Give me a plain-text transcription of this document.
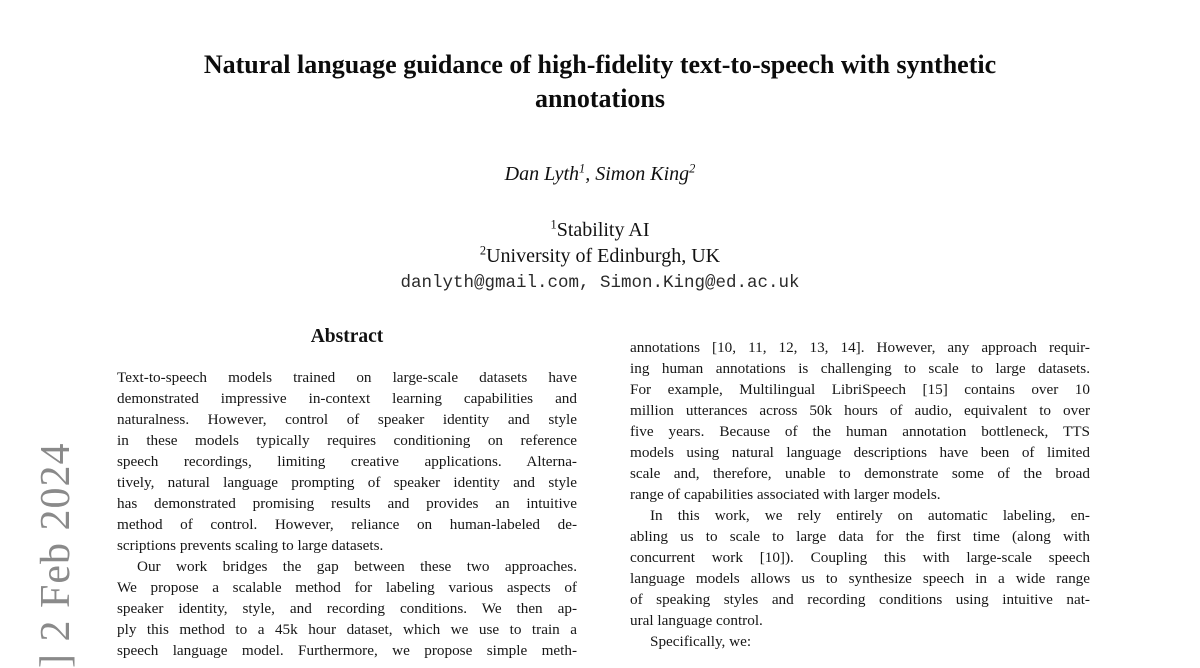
] 2 Feb 2024
Natural language guidance of high-fidelity text-to-speech with synthetic
annotations
Dan Lyth$^1$, Simon King$^2$
$^1$Stability AI
$^2$University of Edinburgh, UK
danlyth@gmail.com, Simon.King@ed.ac.uk
Abstract
Text-to-speech models trained on large-scale datasets have
demonstrated impressive in-context learning capabilities and
naturalness. However, control of speaker identity and style
in these models typically requires conditioning on reference
speech recordings, limiting creative applications. Alterna-
tively, natural language prompting of speaker identity and style
has demonstrated promising results and provides an intuitive
method of control. However, reliance on human-labeled de-
scriptions prevents scaling to large datasets.
Our work bridges the gap between these two approaches.
We propose a scalable method for labeling various aspects of
speaker identity, style, and recording conditions. We then ap-
ply this method to a 45k hour dataset, which we use to train a
speech language model. Furthermore, we propose simple meth-
annotations [10, 11, 12, 13, 14]. However, any approach requir-
ing human annotations is challenging to scale to large datasets.
For example, Multilingual LibriSpeech [15] contains over 10
million utterances across 50k hours of audio, equivalent to over
five years. Because of the human annotation bottleneck, TTS
models using natural language descriptions have been of limited
scale and, therefore, unable to demonstrate some of the broad
range of capabilities associated with larger models.
In this work, we rely entirely on automatic labeling, en-
abling us to scale to large data for the first time (along with
concurrent work [10]). Coupling this with large-scale speech
language models allows us to synthesize speech in a wide range
of speaking styles and recording conditions using intuitive nat-
ural language control.
Specifically, we:
